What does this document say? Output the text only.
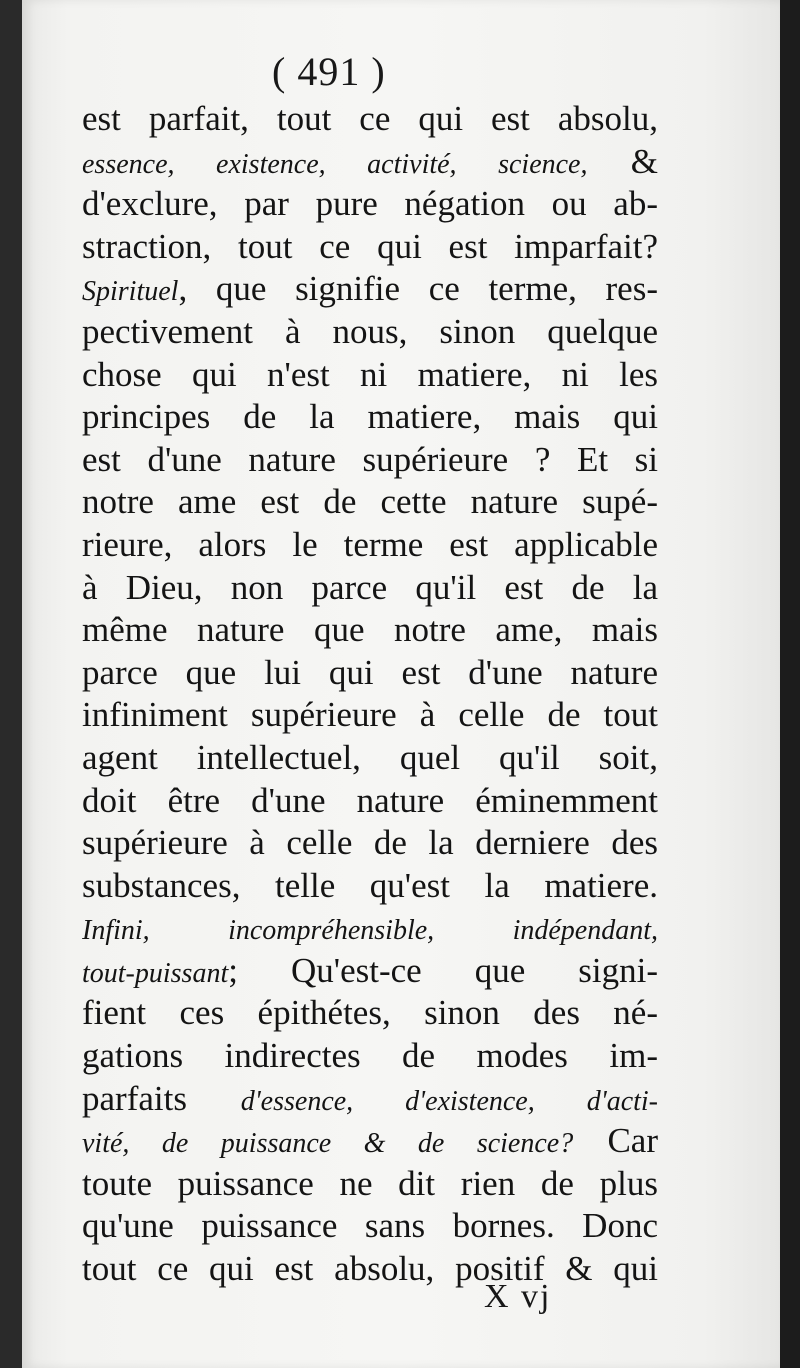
( 491 )
est parfait, tout ce qui est absolu,
essence, existence, activité, science, &
d'exclure, par pure négation ou ab-
straction, tout ce qui est imparfait?
Spirituel, que signifie ce terme, res-
pectivement à nous, sinon quelque
chose qui n'est ni matiere, ni les
principes de la matiere, mais qui
est d'une nature supérieure ? Et si
notre ame est de cette nature supé-
rieure, alors le terme est applicable
à Dieu, non parce qu'il est de la
même nature que notre ame, mais
parce que lui qui est d'une nature
infiniment supérieure à celle de tout
agent intellectuel, quel qu'il soit,
doit être d'une nature éminemment
supérieure à celle de la derniere des
substances, telle qu'est la matiere.
Infini, incompréhensible, indépendant,
tout-puissant; Qu'est-ce que signi-
fient ces épithétes, sinon des né-
gations indirectes de modes im-
parfaits d'essence, d'existence, d'acti-
vité, de puissance & de science? Car
toute puissance ne dit rien de plus
qu'une puissance sans bornes. Donc
tout ce qui est absolu, positif & qui
X vj
